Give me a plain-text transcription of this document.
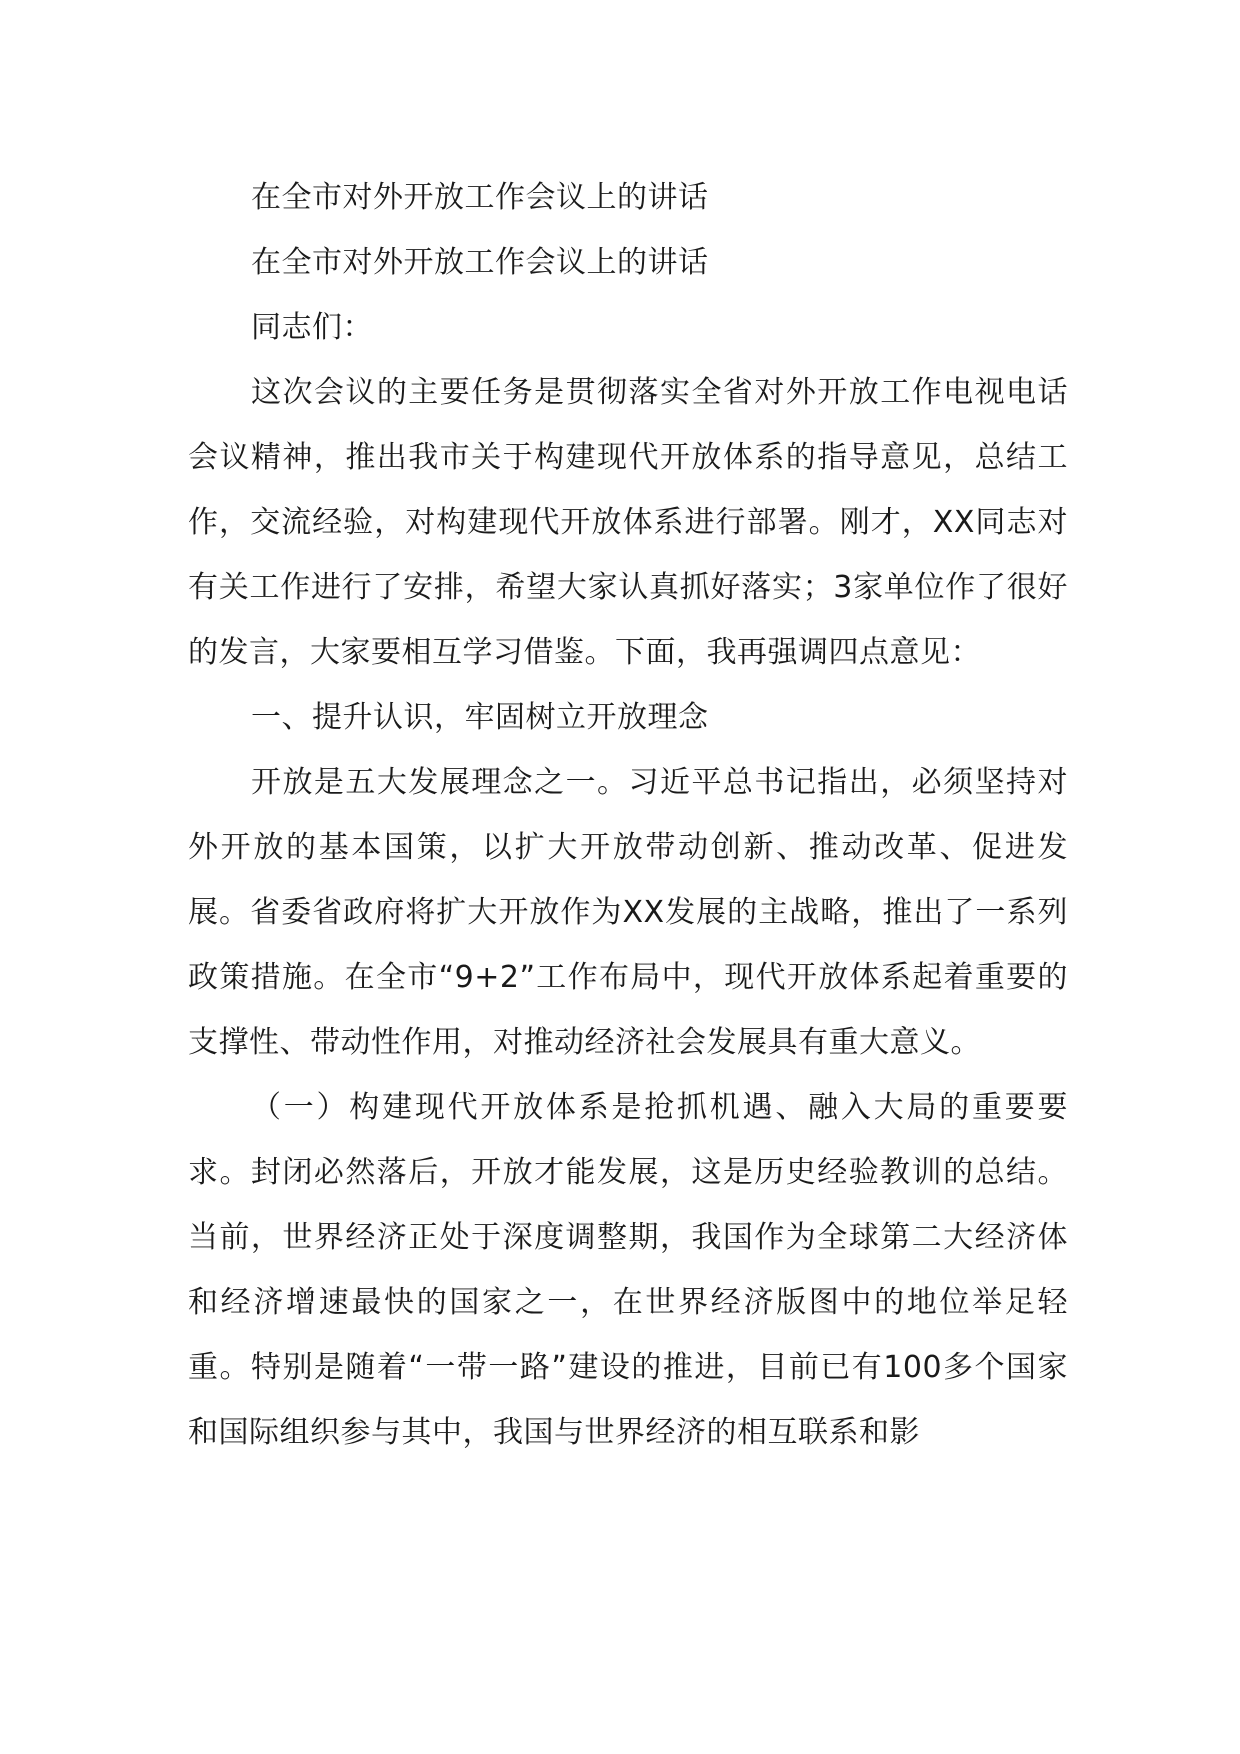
在全市对外开放工作会议上的讲话

在全市对外开放工作会议上的讲话

同志们：

这次会议的主要任务是贯彻落实全省对外开放工作电视电话会议精神，推出我市关于构建现代开放体系的指导意见，总结工作，交流经验，对构建现代开放体系进行部署。刚才，XX同志对有关工作进行了安排，希望大家认真抓好落实；3家单位作了很好的发言，大家要相互学习借鉴。下面，我再强调四点意见：

一、提升认识，牢固树立开放理念

开放是五大发展理念之一。习近平总书记指出，必须坚持对外开放的基本国策，以扩大开放带动创新、推动改革、促进发展。省委省政府将扩大开放作为XX发展的主战略，推出了一系列政策措施。在全市“9+2”工作布局中，现代开放体系起着重要的支撑性、带动性作用，对推动经济社会发展具有重大意义。

（一）构建现代开放体系是抢抓机遇、融入大局的重要要求。封闭必然落后，开放才能发展，这是历史经验教训的总结。当前，世界经济正处于深度调整期，我国作为全球第二大经济体和经济增速最快的国家之一，在世界经济版图中的地位举足轻重。特别是随着“一带一路”建设的推进，目前已有100多个国家和国际组织参与其中，我国与世界经济的相互联系和影
